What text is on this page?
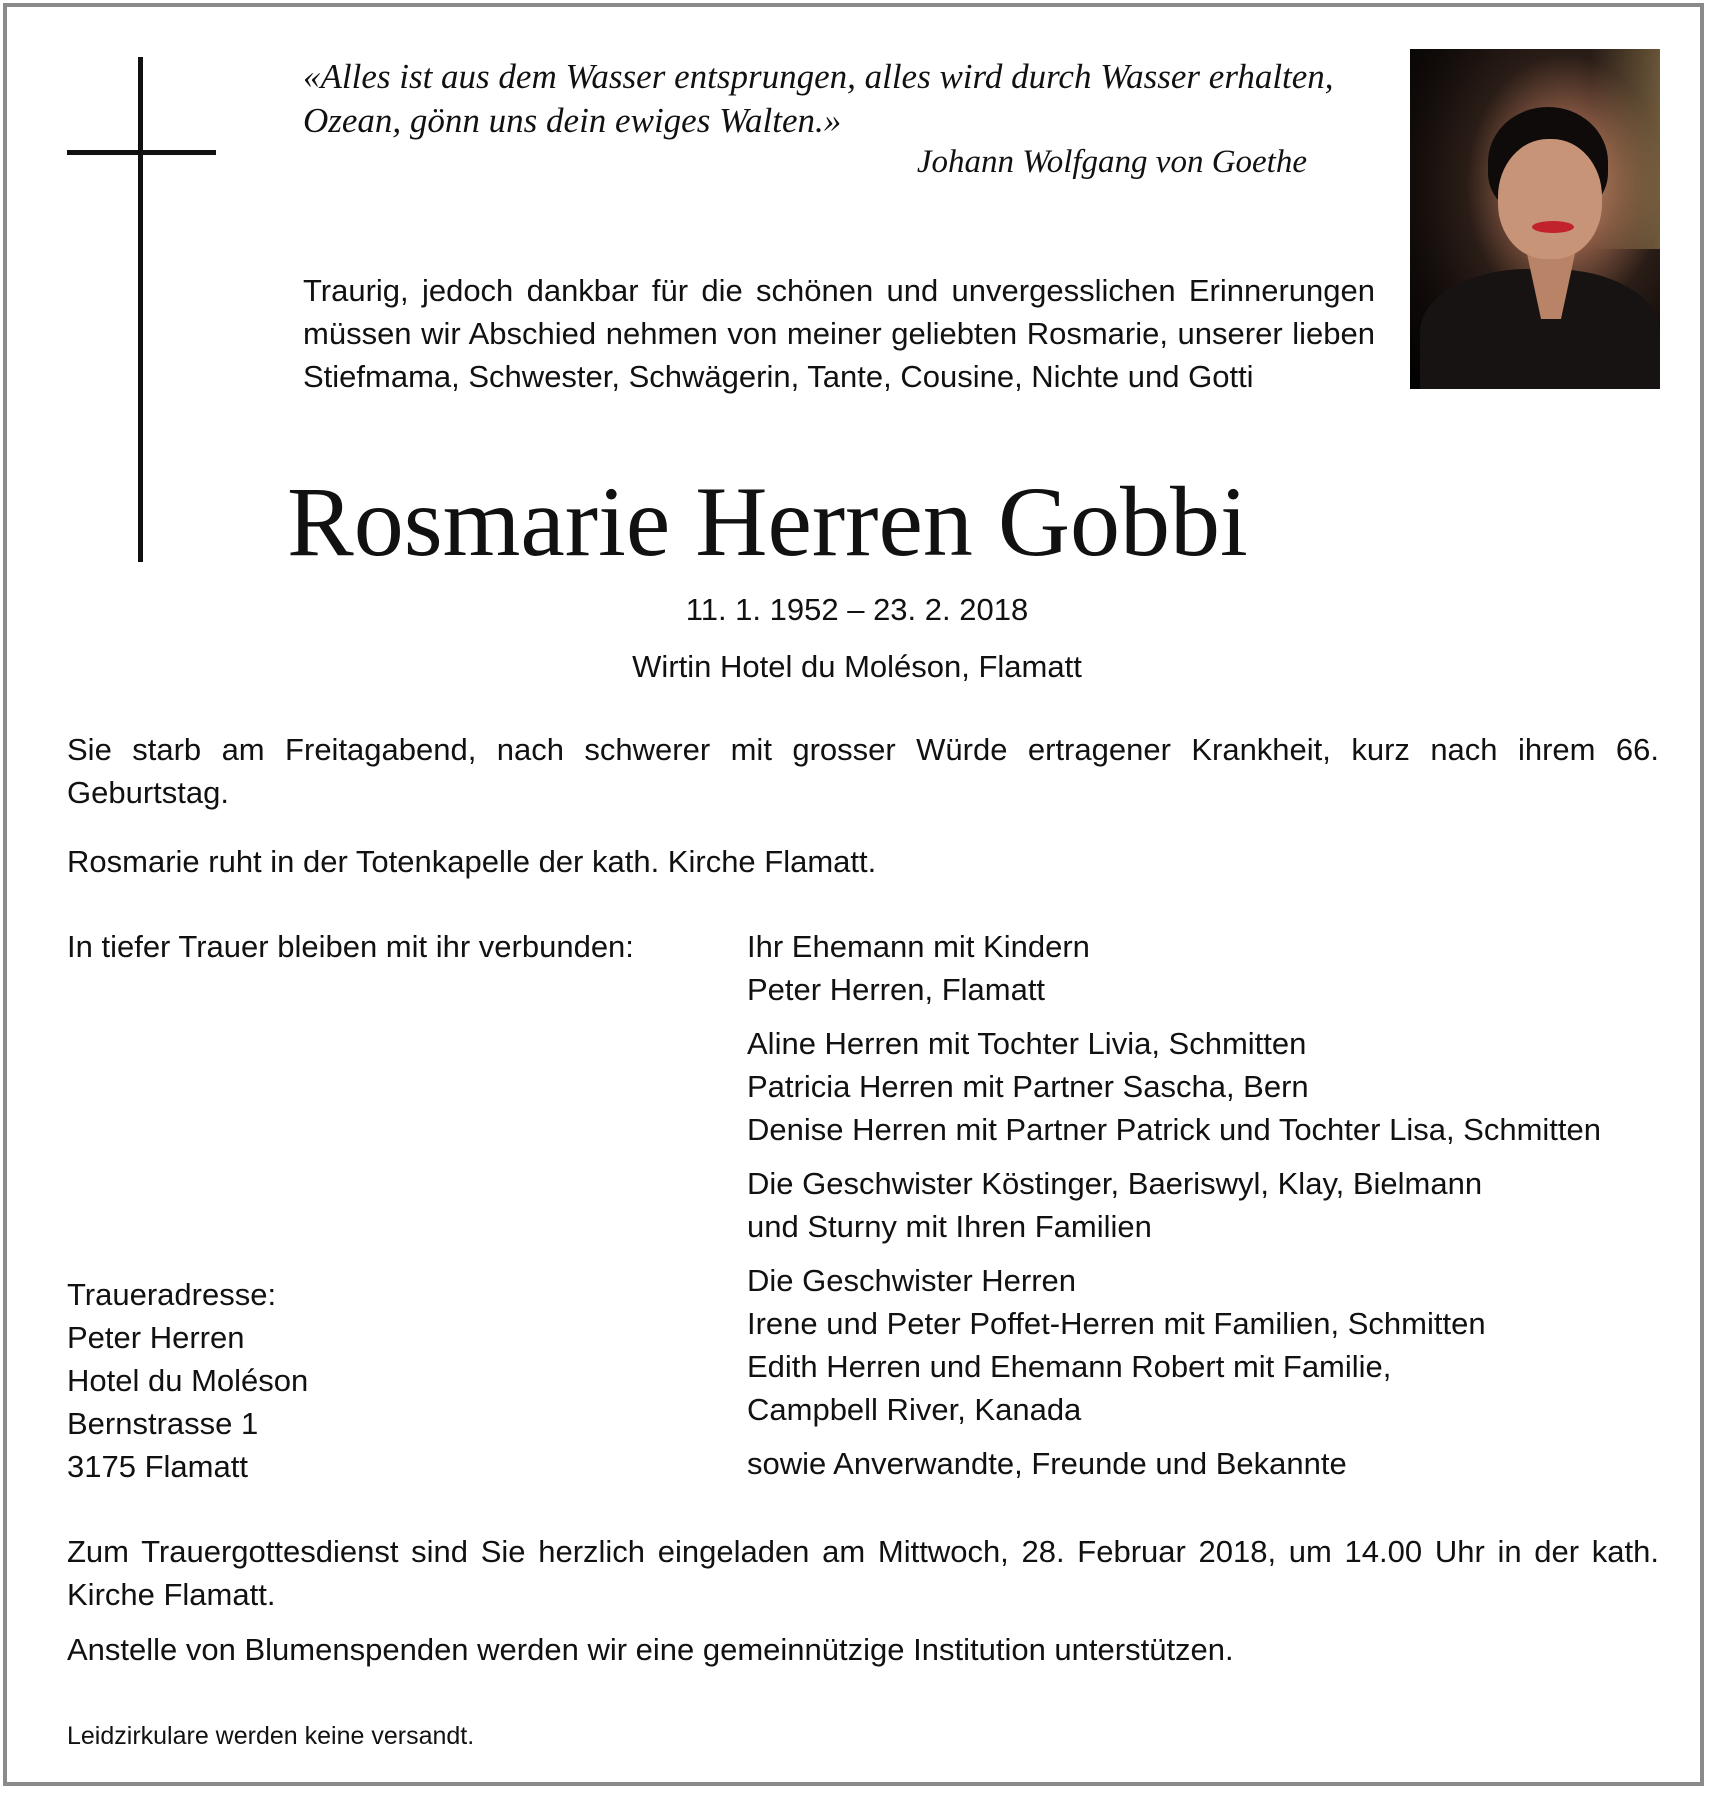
«Alles ist aus dem Wasser entsprungen, alles wird durch Wasser erhalten,
Ozean, gönn uns dein ewiges Walten.»
Johann Wolfgang von Goethe
Traurig, jedoch dankbar für die schönen und unvergesslichen Erinnerungen müssen wir Abschied nehmen von meiner geliebten Rosmarie, unserer lieben Stiefmama, Schwester, Schwägerin, Tante, Cousine, Nichte und Gotti
Rosmarie Herren Gobbi
11. 1. 1952 – 23. 2. 2018
Wirtin Hotel du Moléson, Flamatt
Sie starb am Freitagabend, nach schwerer mit grosser Würde ertragener Krankheit, kurz nach ihrem 66. Geburtstag.
Rosmarie ruht in der Totenkapelle der kath. Kirche Flamatt.
In tiefer Trauer bleiben mit ihr verbunden:	Ihr Ehemann mit Kindern
Peter Herren, Flamatt
Aline Herren mit Tochter Livia, Schmitten
Patricia Herren mit Partner Sascha, Bern
Denise Herren mit Partner Patrick und Tochter Lisa, Schmitten
Die Geschwister Köstinger, Baeriswyl, Klay, Bielmann
und Sturny mit Ihren Familien
Die Geschwister Herren
Irene und Peter Poffet-Herren mit Familien, Schmitten
Edith Herren und Ehemann Robert mit Familie,
Campbell River, Kanada
sowie Anverwandte, Freunde und Bekannte
Traueradresse:
Peter Herren
Hotel du Moléson
Bernstrasse 1
3175 Flamatt
Zum Trauergottesdienst sind Sie herzlich eingeladen am Mittwoch, 28. Februar 2018, um 14.00 Uhr in der kath. Kirche Flamatt.
Anstelle von Blumenspenden werden wir eine gemeinnützige Institution unterstützen.
Leidzirkulare werden keine versandt.
